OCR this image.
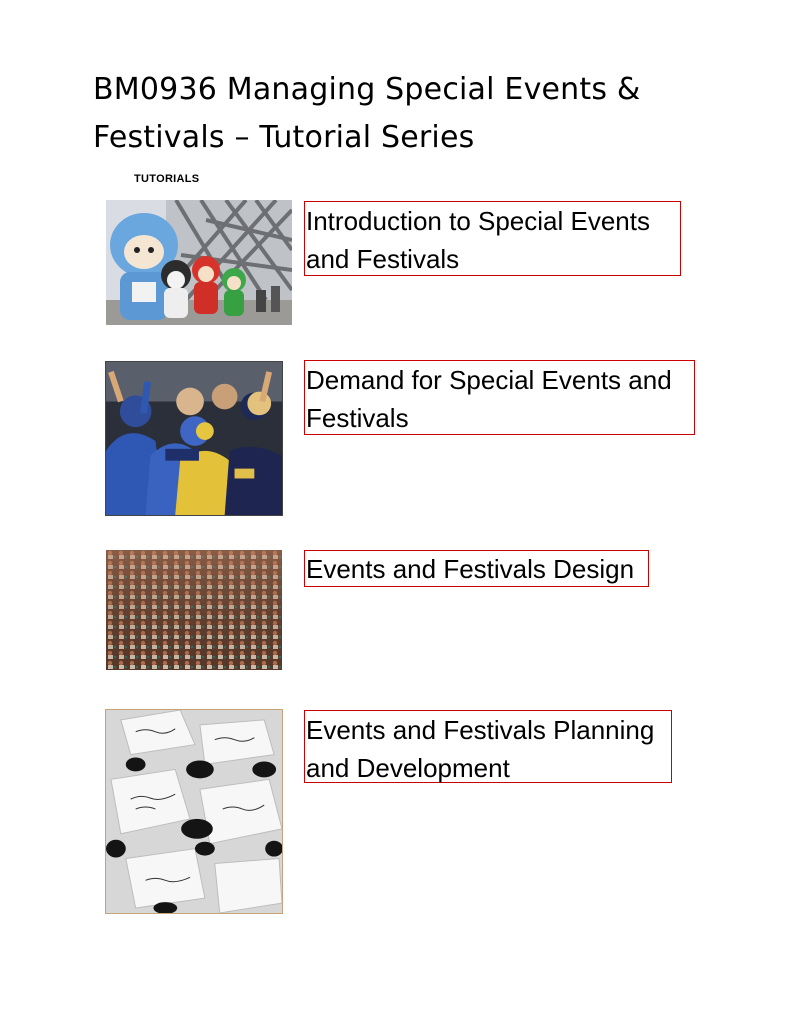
BM0936 Managing Special Events & Festivals – Tutorial Series
TUTORIALS
Introduction to Special Events and Festivals
Demand for Special Events and Festivals
Events and Festivals Design
Events and Festivals Planning and Development
